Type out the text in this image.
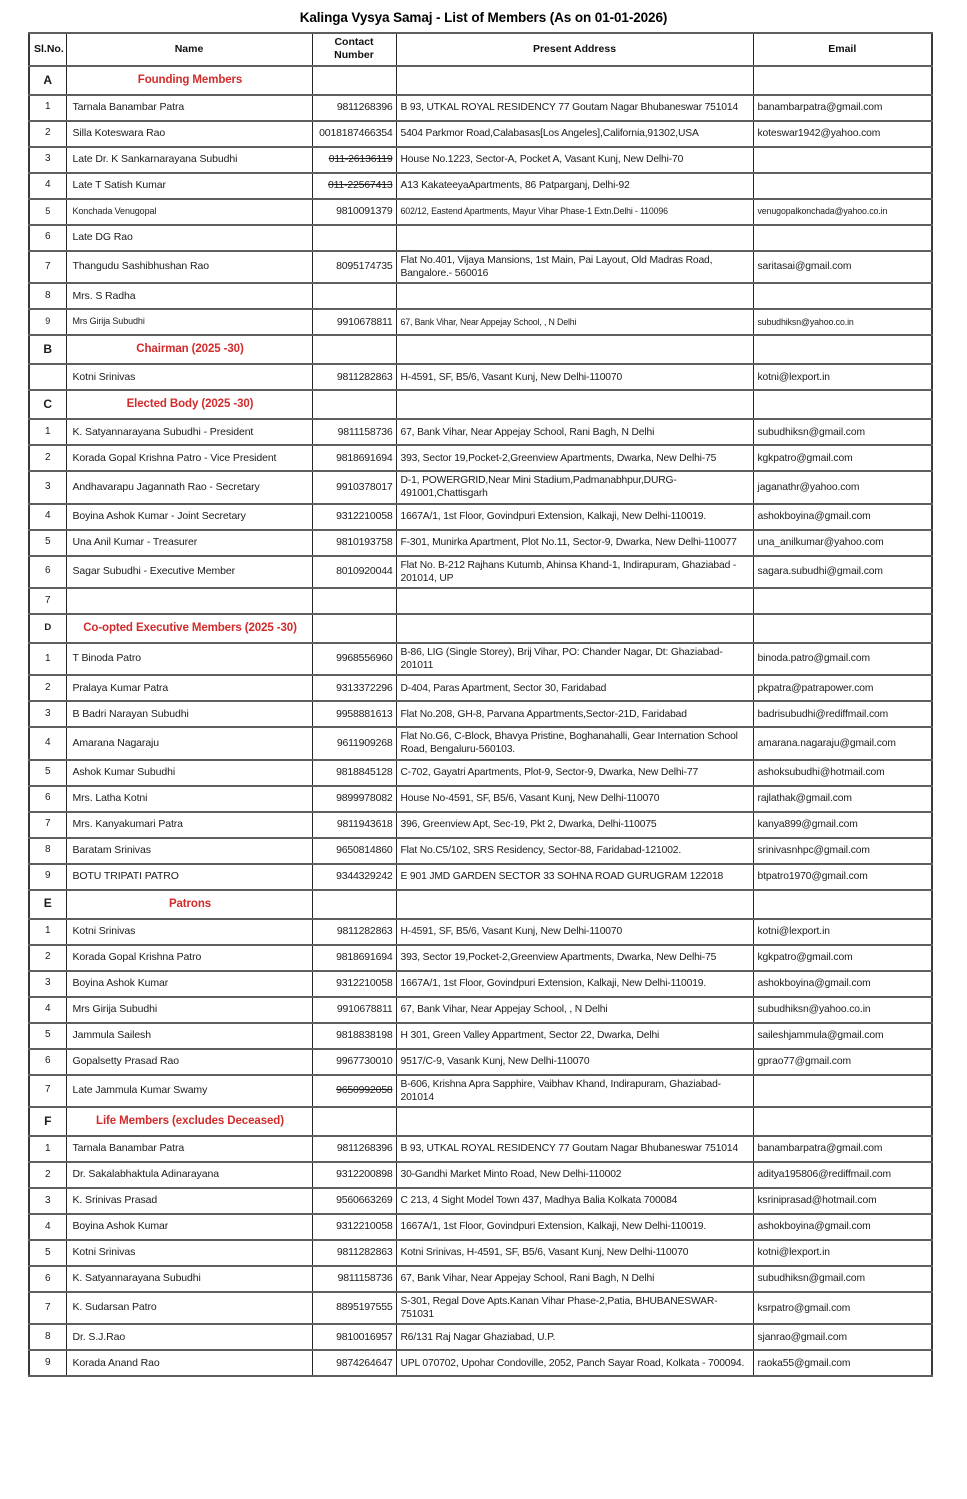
Kalinga Vysya Samaj - List of Members (As on 01-01-2026)
Sl.No.	Name	Contact Number	Present Address	Email
A	Founding Members			
1	Tarnala Banambar Patra	9811268396	B 93, UTKAL ROYAL RESIDENCY 77 Goutam Nagar Bhubaneswar 751014	banambarpatra@gmail.com
2	Silla Koteswara Rao	0018187466354	5404 Parkmor Road,Calabasas[Los Angeles],California,91302,USA	koteswar1942@yahoo.com
3	Late Dr. K Sankarnarayana Subudhi	011-26136119	House No.1223, Sector-A, Pocket A, Vasant Kunj, New Delhi-70	
4	Late T Satish Kumar	011-22567413	A13 KakateeyaApartments, 86 Patparganj, Delhi-92	
5	Konchada Venugopal	9810091379	602/12, Eastend Apartments, Mayur Vihar Phase-1 Extn.Delhi - 110096	venugopalkonchada@yahoo.co.in
6	Late DG Rao			
7	Thangudu Sashibhushan Rao	8095174735	Flat No.401, Vijaya Mansions, 1st Main, Pai Layout, Old Madras Road, Bangalore.- 560016	saritasai@gmail.com
8	Mrs. S Radha			
9	Mrs Girija Subudhi	9910678811	67, Bank Vihar, Near Appejay School, , N Delhi	subudhiksn@yahoo.co.in
B	Chairman (2025 -30)			
	Kotni Srinivas	9811282863	H-4591, SF, B5/6, Vasant Kunj, New Delhi-110070	kotni@lexport.in
C	Elected Body (2025 -30)			
1	K. Satyannarayana Subudhi - President	9811158736	67, Bank Vihar, Near Appejay School, Rani Bagh, N Delhi	subudhiksn@gmail.com
2	Korada Gopal Krishna Patro - Vice President	9818691694	393, Sector 19,Pocket-2,Greenview Apartments, Dwarka, New Delhi-75	kgkpatro@gmail.com
3	Andhavarapu Jagannath Rao - Secretary	9910378017	D-1, POWERGRID,Near Mini Stadium,Padmanabhpur,DURG-491001,Chattisgarh	jaganathr@yahoo.com
4	Boyina Ashok Kumar - Joint Secretary	9312210058	1667A/1, 1st Floor, Govindpuri Extension, Kalkaji, New Delhi-110019.	ashokboyina@gmail.com
5	Una Anil Kumar - Treasurer	9810193758	F-301, Munirka Apartment, Plot No.11, Sector-9, Dwarka, New Delhi-110077	una_anilkumar@yahoo.com
6	Sagar Subudhi - Executive Member	8010920044	Flat No. B-212 Rajhans Kutumb, Ahinsa Khand-1, Indirapuram, Ghaziabad - 201014, UP	sagara.subudhi@gmail.com
7				
D	Co-opted Executive Members (2025 -30)			
1	T Binoda Patro	9968556960	B-86, LIG (Single Storey), Brij Vihar, PO: Chander Nagar, Dt: Ghaziabad-201011	binoda.patro@gmail.com
2	Pralaya Kumar Patra	9313372296	D-404, Paras Apartment, Sector 30, Faridabad	pkpatra@patrapower.com
3	B Badri Narayan Subudhi	9958881613	Flat No.208, GH-8, Parvana Appartments,Sector-21D, Faridabad	badrisubudhi@rediffmail.com
4	Amarana Nagaraju	9611909268	Flat No.G6, C-Block, Bhavya Pristine, Boghanahalli, Gear Internation School Road, Bengaluru-560103.	amarana.nagaraju@gmail.com
5	Ashok Kumar Subudhi	9818845128	C-702, Gayatri Apartments, Plot-9, Sector-9, Dwarka, New Delhi-77	ashoksubudhi@hotmail.com
6	Mrs. Latha Kotni	9899978082	House No-4591, SF, B5/6, Vasant Kunj, New Delhi-110070	rajlathak@gmail.com
7	Mrs. Kanyakumari Patra	9811943618	396, Greenview Apt, Sec-19, Pkt 2, Dwarka, Delhi-110075	kanya899@gmail.com
8	Baratam Srinivas	9650814860	Flat No.C5/102, SRS Residency, Sector-88, Faridabad-121002.	srinivasnhpc@gmail.com
9	BOTU TRIPATI PATRO	9344329242	E 901 JMD GARDEN SECTOR 33 SOHNA ROAD GURUGRAM 122018	btpatro1970@gmail.com
E	Patrons			
1	Kotni Srinivas	9811282863	H-4591, SF, B5/6, Vasant Kunj, New Delhi-110070	kotni@lexport.in
2	Korada Gopal Krishna Patro	9818691694	393, Sector 19,Pocket-2,Greenview Apartments, Dwarka, New Delhi-75	kgkpatro@gmail.com
3	Boyina Ashok Kumar	9312210058	1667A/1, 1st Floor, Govindpuri Extension, Kalkaji, New Delhi-110019.	ashokboyina@gmail.com
4	Mrs Girija Subudhi	9910678811	67, Bank Vihar, Near Appejay School, , N Delhi	subudhiksn@yahoo.co.in
5	Jammula Sailesh	9818838198	H 301, Green Valley Appartment, Sector 22, Dwarka, Delhi	saileshjammula@gmail.com
6	Gopalsetty Prasad Rao	9967730010	9517/C-9, Vasank Kunj, New Delhi-110070	gprao77@gmail.com
7	Late Jammula Kumar Swamy	9650992058	B-606, Krishna Apra Sapphire, Vaibhav Khand, Indirapuram, Ghaziabad-201014	
F	Life Members (excludes Deceased)			
1	Tarnala Banambar Patra	9811268396	B 93, UTKAL ROYAL RESIDENCY 77 Goutam Nagar Bhubaneswar 751014	banambarpatra@gmail.com
2	Dr. Sakalabhaktula Adinarayana	9312200898	30-Gandhi Market Minto Road, New Delhi-110002	aditya195806@rediffmail.com
3	K. Srinivas Prasad	9560663269	C 213, 4 Sight Model Town 437, Madhya Balia Kolkata 700084	ksriniprasad@hotmail.com
4	Boyina Ashok Kumar	9312210058	1667A/1, 1st Floor, Govindpuri Extension, Kalkaji, New Delhi-110019.	ashokboyina@gmail.com
5	Kotni Srinivas	9811282863	Kotni Srinivas, H-4591, SF, B5/6, Vasant Kunj, New Delhi-110070	kotni@lexport.in
6	K. Satyannarayana Subudhi	9811158736	67, Bank Vihar, Near Appejay School, Rani Bagh, N Delhi	subudhiksn@gmail.com
7	K. Sudarsan Patro	8895197555	S-301, Regal Dove Apts.Kanan Vihar Phase-2,Patia, BHUBANESWAR-751031	ksrpatro@gmail.com
8	Dr. S.J.Rao	9810016957	R6/131 Raj Nagar Ghaziabad, U.P.	sjanrao@gmail.com
9	Korada Anand Rao	9874264647	UPL 070702, Upohar Condoville, 2052, Panch Sayar Road, Kolkata - 700094.	raoka55@gmail.com
